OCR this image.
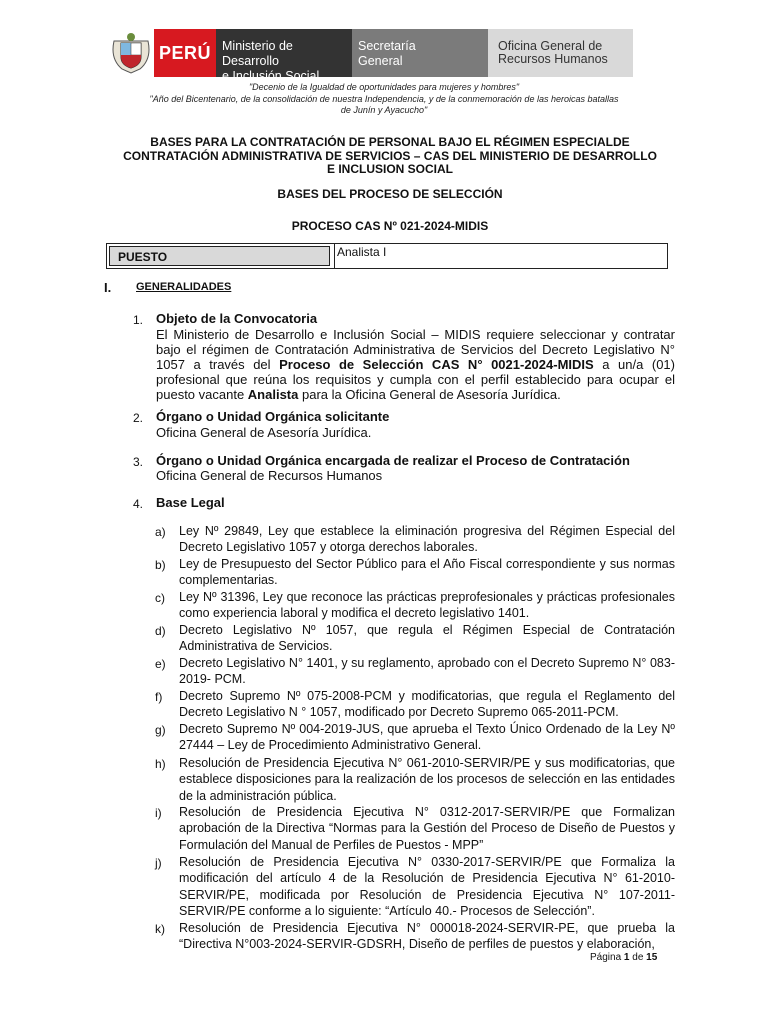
PERÚ Ministerio de Desarrollo
e Inclusión Social
Secretaría
General
Oficina General de
Recursos Humanos
"Decenio de la Igualdad de oportunidades para mujeres y hombres"
"Año del Bicentenario, de la consolidación de nuestra Independencia, y de la conmemoración de las heroicas batallas
de Junín y Ayacucho"
BASES PARA LA CONTRATACIÓN DE PERSONAL BAJO EL RÉGIMEN ESPECIALDE
CONTRATACIÓN ADMINISTRATIVA DE SERVICIOS – CAS DEL MINISTERIO DE DESARROLLO
E INCLUSION SOCIAL
BASES DEL PROCESO DE SELECCIÓN
PROCESO CAS Nº 021-2024-MIDIS
PUESTO	Analista I
I. GENERALIDADES
1. Objeto de la Convocatoria
El Ministerio de Desarrollo e Inclusión Social – MIDIS requiere seleccionar y contratar bajo el régimen de Contratación Administrativa de Servicios del Decreto Legislativo N° 1057 a través del Proceso de Selección CAS N° 0021-2024-MIDIS a un/a (01) profesional que reúna los requisitos y cumpla con el perfil establecido para ocupar el puesto vacante Analista para la Oficina General de Asesoría Jurídica.
2. Órgano o Unidad Orgánica solicitante
Oficina General de Asesoría Jurídica.
3. Órgano o Unidad Orgánica encargada de realizar el Proceso de Contratación
Oficina General de Recursos Humanos
4. Base Legal
a) Ley Nº 29849, Ley que establece la eliminación progresiva del Régimen Especial del Decreto Legislativo 1057 y otorga derechos laborales.
b) Ley de Presupuesto del Sector Público para el Año Fiscal correspondiente y sus normas complementarias.
c) Ley Nº 31396, Ley que reconoce las prácticas preprofesionales y prácticas profesionales como experiencia laboral y modifica el decreto legislativo 1401.
d) Decreto Legislativo Nº 1057, que regula el Régimen Especial de Contratación Administrativa de Servicios.
e) Decreto Legislativo N° 1401, y su reglamento, aprobado con el Decreto Supremo N° 083-2019- PCM.
f) Decreto Supremo Nº 075-2008-PCM y modificatorias, que regula el Reglamento del Decreto Legislativo N ° 1057, modificado por Decreto Supremo 065-2011-PCM.
g) Decreto Supremo Nº 004-2019-JUS, que aprueba el Texto Único Ordenado de la Ley Nº 27444 – Ley de Procedimiento Administrativo General.
h) Resolución de Presidencia Ejecutiva N° 061-2010-SERVIR/PE y sus modificatorias, que establece disposiciones para la realización de los procesos de selección en las entidades de la administración pública.
i) Resolución de Presidencia Ejecutiva N° 0312-2017-SERVIR/PE que Formalizan aprobación de la Directiva “Normas para la Gestión del Proceso de Diseño de Puestos y Formulación del Manual de Perfiles de Puestos - MPP”
j) Resolución de Presidencia Ejecutiva N° 0330-2017-SERVIR/PE que Formaliza la modificación del artículo 4 de la Resolución de Presidencia Ejecutiva N° 61-2010-SERVIR/PE, modificada por Resolución de Presidencia Ejecutiva N° 107-2011-SERVIR/PE conforme a lo siguiente: “Artículo 40.- Procesos de Selección”.
k) Resolución de Presidencia Ejecutiva N° 000018-2024-SERVIR-PE, que prueba la “Directiva N°003-2024-SERVIR-GDSRH, Diseño de perfiles de puestos y elaboración,
Página 1 de 15
